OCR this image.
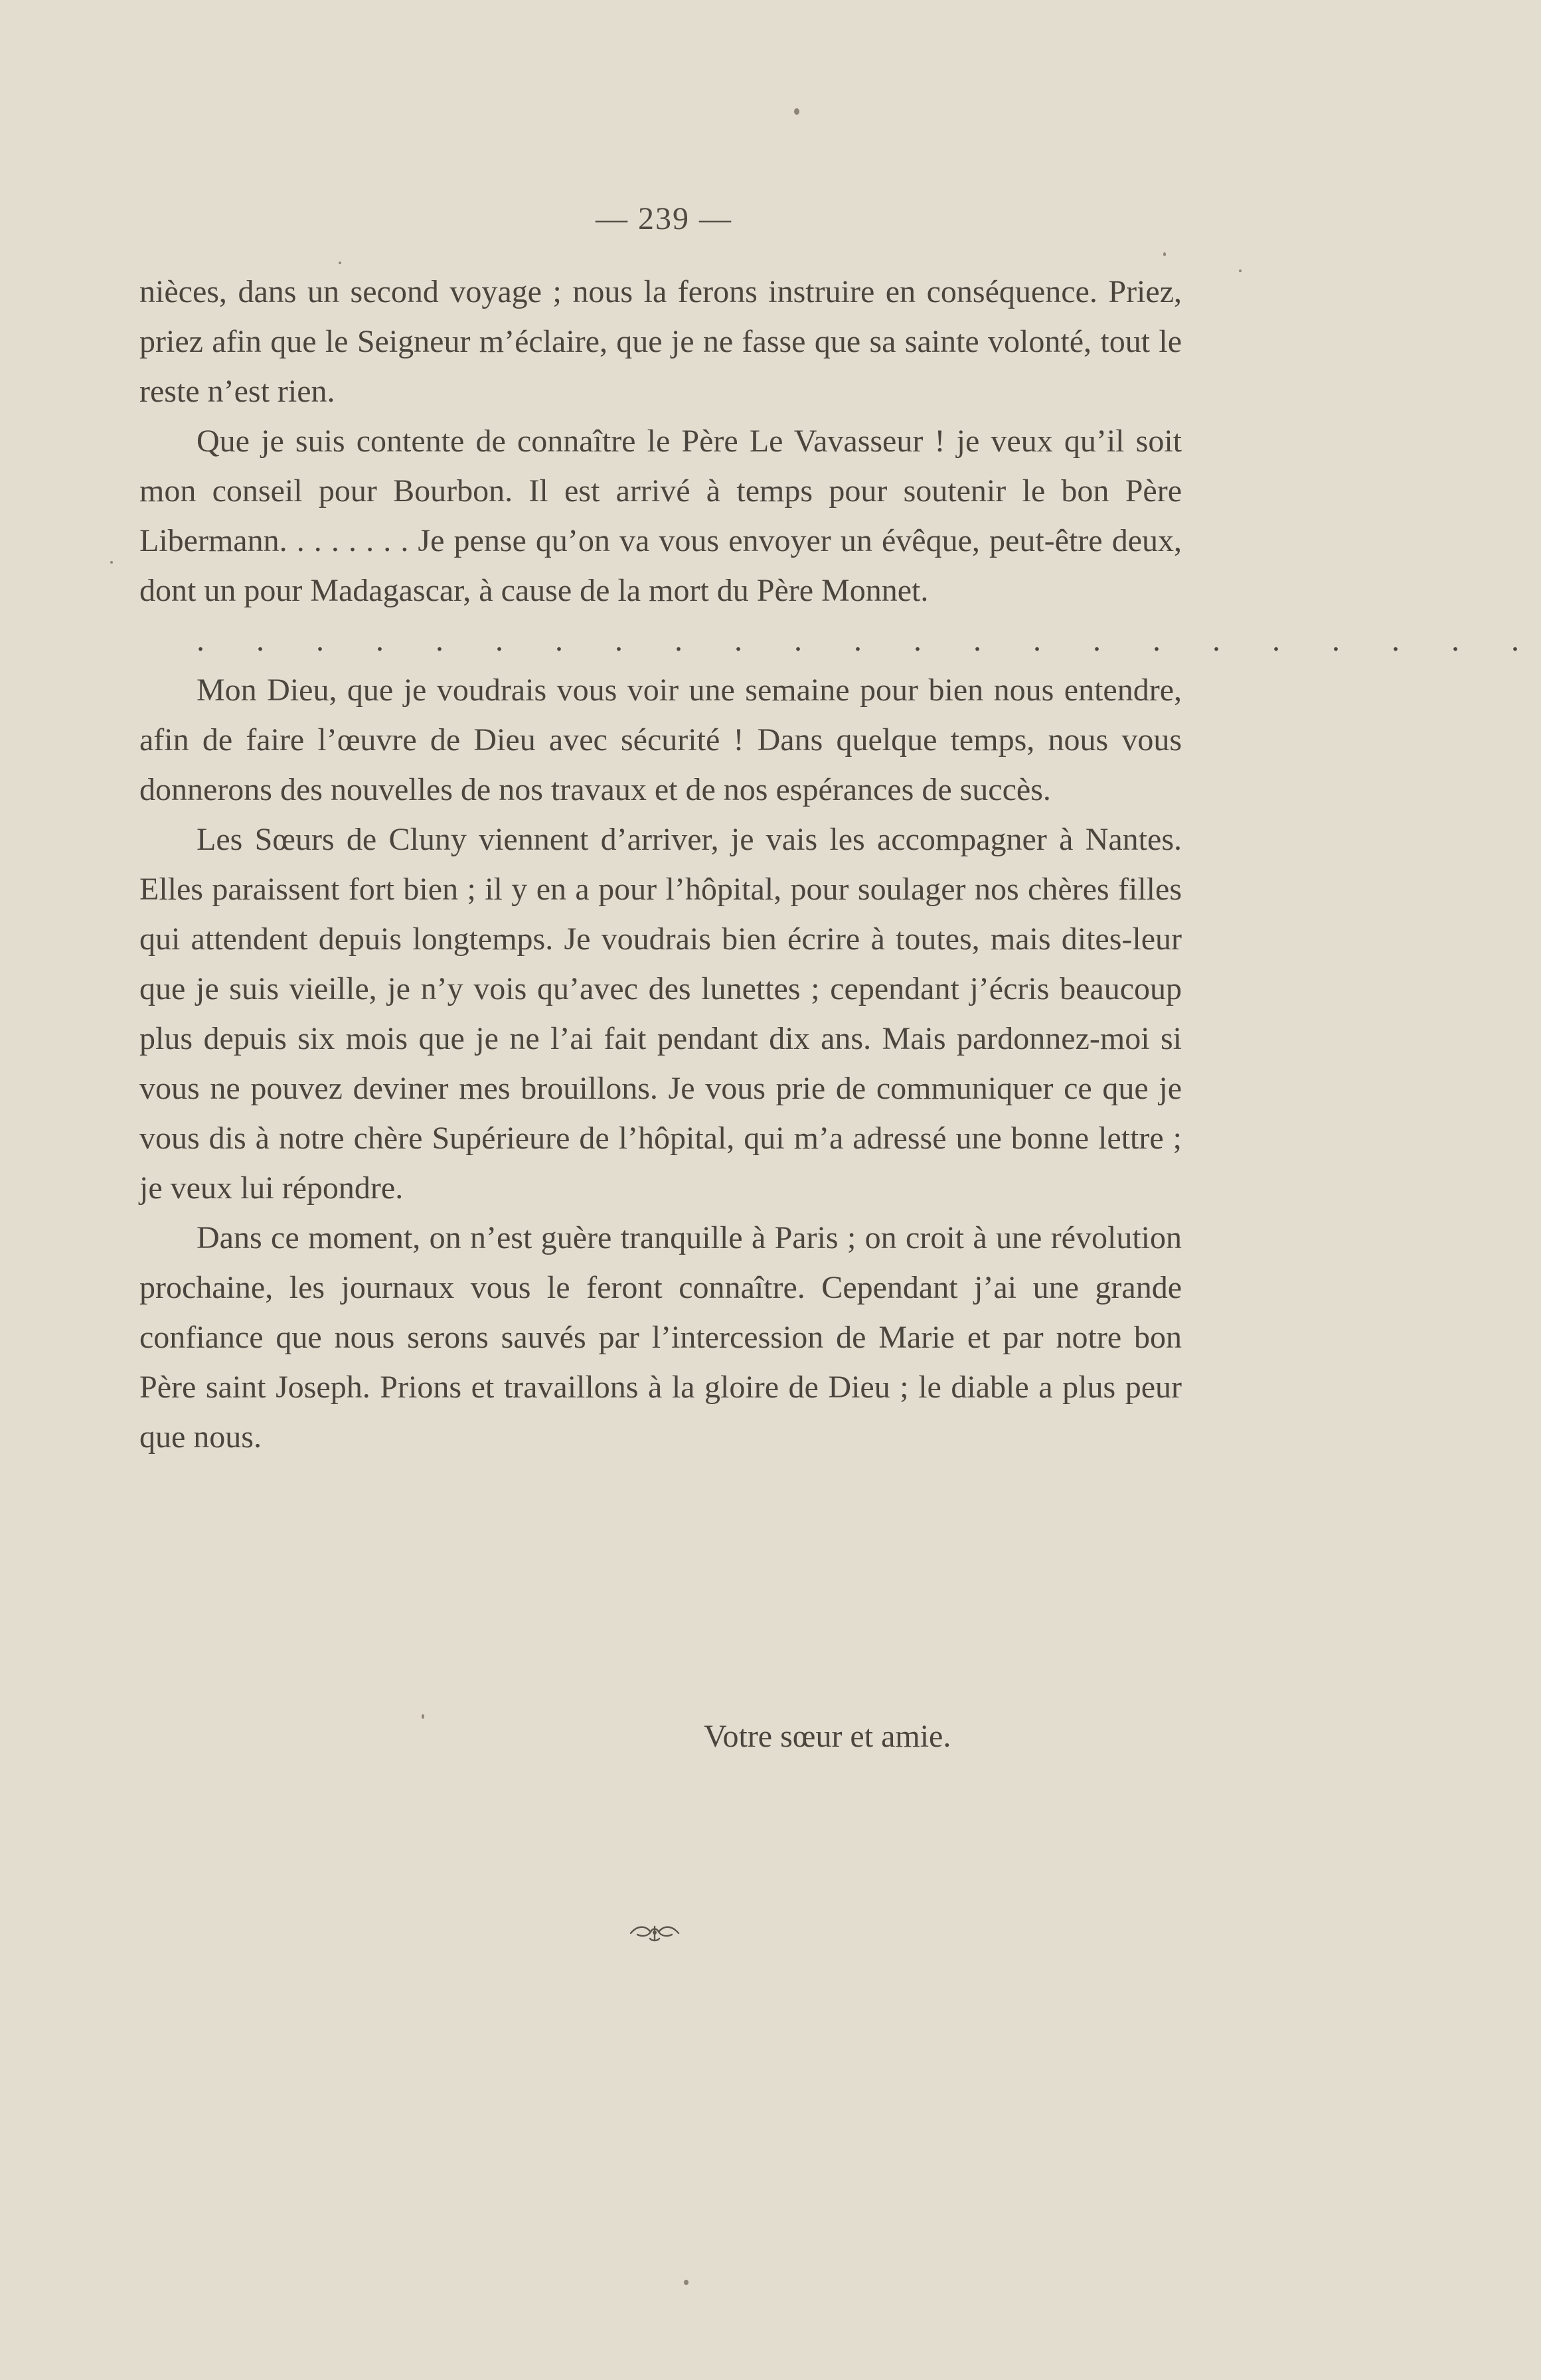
— 239 —

nièces, dans un second voyage ; nous la ferons instruire en conséquence. Priez, priez afin que le Seigneur m’éclaire, que je ne fasse que sa sainte volonté, tout le reste n’est rien.

Que je suis contente de connaître le Père Le Vavasseur ! je veux qu’il soit mon conseil pour Bourbon. Il est arrivé à temps pour soutenir le bon Père Libermann. . . . . . . . Je pense qu’on va vous envoyer un évêque, peut-être deux, dont un pour Madagascar, à cause de la mort du Père Monnet.

. . . . . . . . . . . . . . . . . . . . . . .

Mon Dieu, que je voudrais vous voir une semaine pour bien nous entendre, afin de faire l’œuvre de Dieu avec sécurité ! Dans quelque temps, nous vous donnerons des nouvelles de nos travaux et de nos espérances de succès.

Les Sœurs de Cluny viennent d’arriver, je vais les accompagner à Nantes. Elles paraissent fort bien ; il y en a pour l’hôpital, pour soulager nos chères filles qui attendent depuis longtemps. Je voudrais bien écrire à toutes, mais dites-leur que je suis vieille, je n’y vois qu’avec des lunettes ; cependant j’écris beaucoup plus depuis six mois que je ne l’ai fait pendant dix ans. Mais pardonnez-moi si vous ne pouvez deviner mes brouillons. Je vous prie de communiquer ce que je vous dis à notre chère Supérieure de l’hôpital, qui m’a adressé une bonne lettre ; je veux lui répondre.

Dans ce moment, on n’est guère tranquille à Paris ; on croit à une révolution prochaine, les journaux vous le feront connaître. Cependant j’ai une grande confiance que nous serons sauvés par l’intercession de Marie et par notre bon Père saint Joseph. Prions et travaillons à la gloire de Dieu ; le diable a plus peur que nous.

Votre sœur et amie.
